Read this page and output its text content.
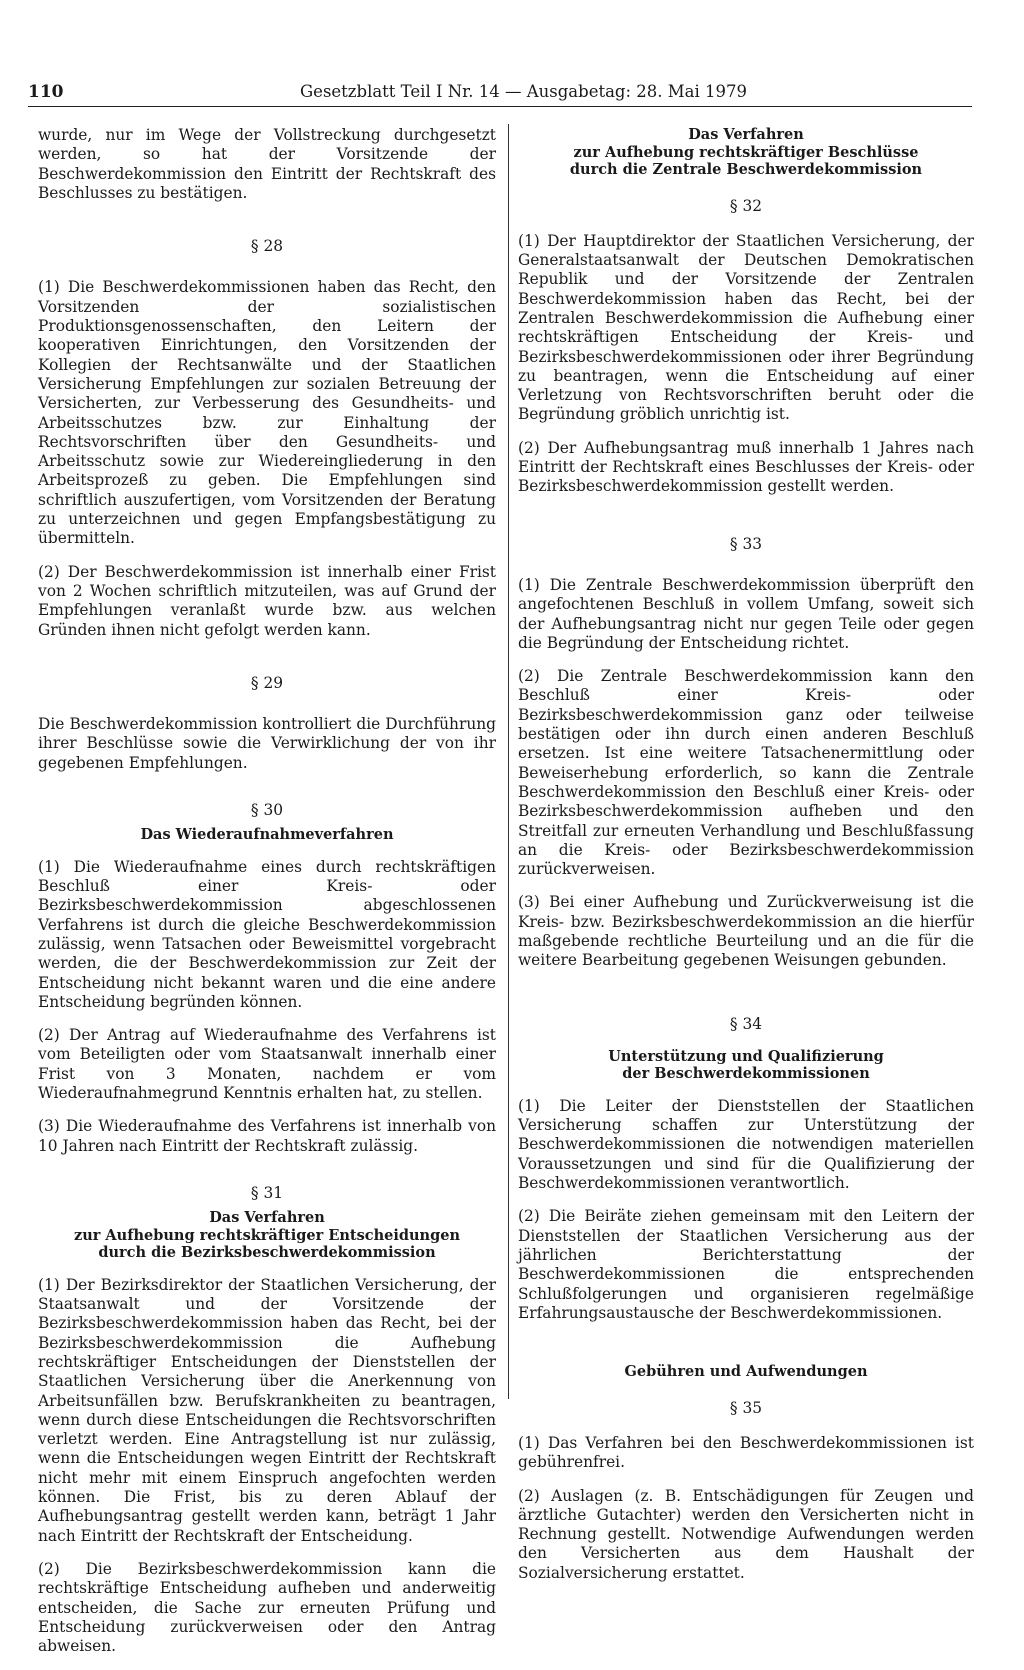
110	Gesetzblatt Teil I Nr. 14 — Ausgabetag: 28. Mai 1979

wurde, nur im Wege der Vollstreckung durchgesetzt werden, so hat der Vorsitzende der Beschwerdekommission den Eintritt der Rechtskraft des Beschlusses zu bestätigen.

§ 28

(1) Die Beschwerdekommissionen haben das Recht, den Vorsitzenden der sozialistischen Produktionsgenossenschaften, den Leitern der kooperativen Einrichtungen, den Vorsitzenden der Kollegien der Rechtsanwälte und der Staatlichen Versicherung Empfehlungen zur sozialen Betreuung der Versicherten, zur Verbesserung des Gesundheits- und Arbeitsschutzes bzw. zur Einhaltung der Rechtsvorschriften über den Gesundheits- und Arbeitsschutz sowie zur Wiedereingliederung in den Arbeitsprozeß zu geben. Die Empfehlungen sind schriftlich auszufertigen, vom Vorsitzenden der Beratung zu unterzeichnen und gegen Empfangsbestätigung zu übermitteln.

(2) Der Beschwerdekommission ist innerhalb einer Frist von 2 Wochen schriftlich mitzuteilen, was auf Grund der Empfehlungen veranlaßt wurde bzw. aus welchen Gründen ihnen nicht gefolgt werden kann.

§ 29

Die Beschwerdekommission kontrolliert die Durchführung ihrer Beschlüsse sowie die Verwirklichung der von ihr gegebenen Empfehlungen.

§ 30
Das Wiederaufnahmeverfahren

(1) Die Wiederaufnahme eines durch rechtskräftigen Beschluß einer Kreis- oder Bezirksbeschwerdekommission abgeschlossenen Verfahrens ist durch die gleiche Beschwerdekommission zulässig, wenn Tatsachen oder Beweismittel vorgebracht werden, die der Beschwerdekommission zur Zeit der Entscheidung nicht bekannt waren und die eine andere Entscheidung begründen können.

(2) Der Antrag auf Wiederaufnahme des Verfahrens ist vom Beteiligten oder vom Staatsanwalt innerhalb einer Frist von 3 Monaten, nachdem er vom Wiederaufnahmegrund Kenntnis erhalten hat, zu stellen.

(3) Die Wiederaufnahme des Verfahrens ist innerhalb von 10 Jahren nach Eintritt der Rechtskraft zulässig.

§ 31
Das Verfahren
zur Aufhebung rechtskräftiger Entscheidungen
durch die Bezirksbeschwerdekommission

(1) Der Bezirksdirektor der Staatlichen Versicherung, der Staatsanwalt und der Vorsitzende der Bezirksbeschwerdekommission haben das Recht, bei der Bezirksbeschwerdekommission die Aufhebung rechtskräftiger Entscheidungen der Dienststellen der Staatlichen Versicherung über die Anerkennung von Arbeitsunfällen bzw. Berufskrankheiten zu beantragen, wenn durch diese Entscheidungen die Rechtsvorschriften verletzt werden. Eine Antragstellung ist nur zulässig, wenn die Entscheidungen wegen Eintritt der Rechtskraft nicht mehr mit einem Einspruch angefochten werden können. Die Frist, bis zu deren Ablauf der Aufhebungsantrag gestellt werden kann, beträgt 1 Jahr nach Eintritt der Rechtskraft der Entscheidung.

(2) Die Bezirksbeschwerdekommission kann die rechtskräftige Entscheidung aufheben und anderweitig entscheiden, die Sache zur erneuten Prüfung und Entscheidung zurückverweisen oder den Antrag abweisen.

Das Verfahren
zur Aufhebung rechtskräftiger Beschlüsse
durch die Zentrale Beschwerdekommission
§ 32

(1) Der Hauptdirektor der Staatlichen Versicherung, der Generalstaatsanwalt der Deutschen Demokratischen Republik und der Vorsitzende der Zentralen Beschwerdekommission haben das Recht, bei der Zentralen Beschwerdekommission die Aufhebung einer rechtskräftigen Entscheidung der Kreis- und Bezirksbeschwerdekommissionen oder ihrer Begründung zu beantragen, wenn die Entscheidung auf einer Verletzung von Rechtsvorschriften beruht oder die Begründung gröblich unrichtig ist.

(2) Der Aufhebungsantrag muß innerhalb 1 Jahres nach Eintritt der Rechtskraft eines Beschlusses der Kreis- oder Bezirksbeschwerdekommission gestellt werden.

§ 33

(1) Die Zentrale Beschwerdekommission überprüft den angefochtenen Beschluß in vollem Umfang, soweit sich der Aufhebungsantrag nicht nur gegen Teile oder gegen die Begründung der Entscheidung richtet.

(2) Die Zentrale Beschwerdekommission kann den Beschluß einer Kreis- oder Bezirksbeschwerdekommission ganz oder teilweise bestätigen oder ihn durch einen anderen Beschluß ersetzen. Ist eine weitere Tatsachenermittlung oder Beweiserhebung erforderlich, so kann die Zentrale Beschwerdekommission den Beschluß einer Kreis- oder Bezirksbeschwerdekommission aufheben und den Streitfall zur erneuten Verhandlung und Beschlußfassung an die Kreis- oder Bezirksbeschwerdekommission zurückverweisen.

(3) Bei einer Aufhebung und Zurückverweisung ist die Kreis- bzw. Bezirksbeschwerdekommission an die hierfür maßgebende rechtliche Beurteilung und an die für die weitere Bearbeitung gegebenen Weisungen gebunden.

§ 34
Unterstützung und Qualifizierung
der Beschwerdekommissionen

(1) Die Leiter der Dienststellen der Staatlichen Versicherung schaffen zur Unterstützung der Beschwerdekommissionen die notwendigen materiellen Voraussetzungen und sind für die Qualifizierung der Beschwerdekommissionen verantwortlich.

(2) Die Beiräte ziehen gemeinsam mit den Leitern der Dienststellen der Staatlichen Versicherung aus der jährlichen Berichterstattung der Beschwerdekommissionen die entsprechenden Schlußfolgerungen und organisieren regelmäßige Erfahrungsaustausche der Beschwerdekommissionen.

Gebühren und Aufwendungen
§ 35

(1) Das Verfahren bei den Beschwerdekommissionen ist gebührenfrei.

(2) Auslagen (z. B. Entschädigungen für Zeugen und ärztliche Gutachter) werden den Versicherten nicht in Rechnung gestellt. Notwendige Aufwendungen werden den Versicherten aus dem Haushalt der Sozialversicherung erstattet.
